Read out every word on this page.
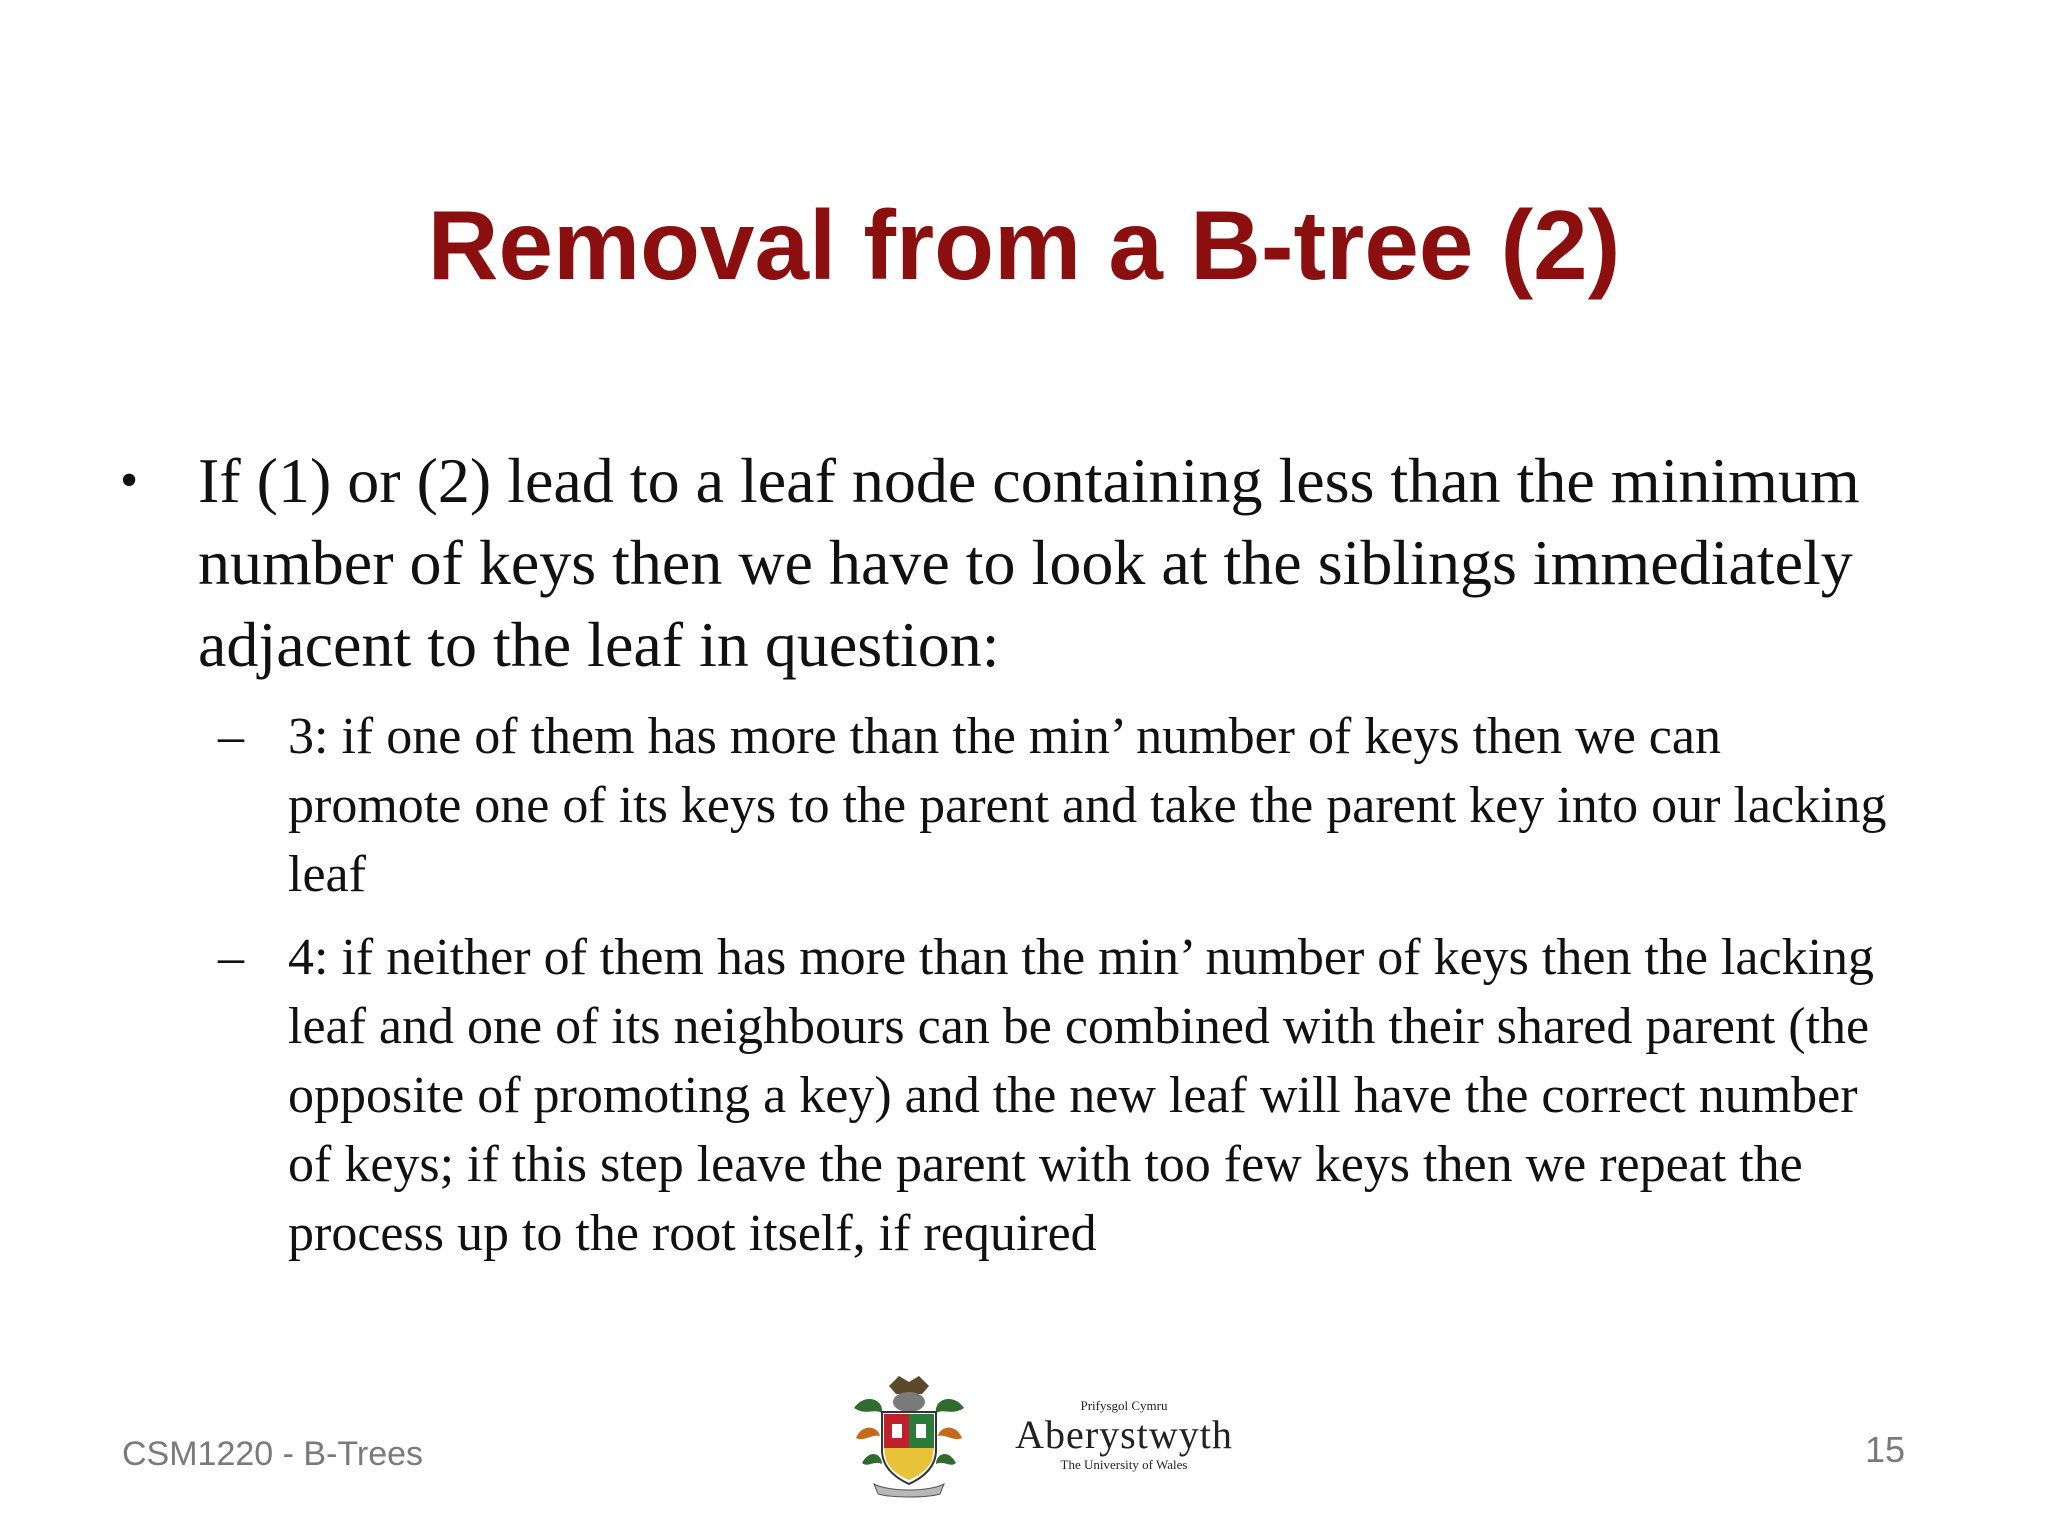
Removal from a B-tree (2)
• If (1) or (2) lead to a leaf node containing less than the minimum number of keys then we have to look at the siblings immediately adjacent to the leaf in question:
– 3: if one of them has more than the min’ number of keys then we can promote one of its keys to the parent and take the parent key into our lacking leaf
– 4: if neither of them has more than the min’ number of keys then the lacking leaf and one of its neighbours can be combined with their shared parent (the opposite of promoting a key) and the new leaf will have the correct number of keys; if this step leave the parent with too few keys then we repeat the process up to the root itself, if required
CSM1220 - B-Trees
Prifysgol Cymru
Aberystwyth
The University of Wales	15
